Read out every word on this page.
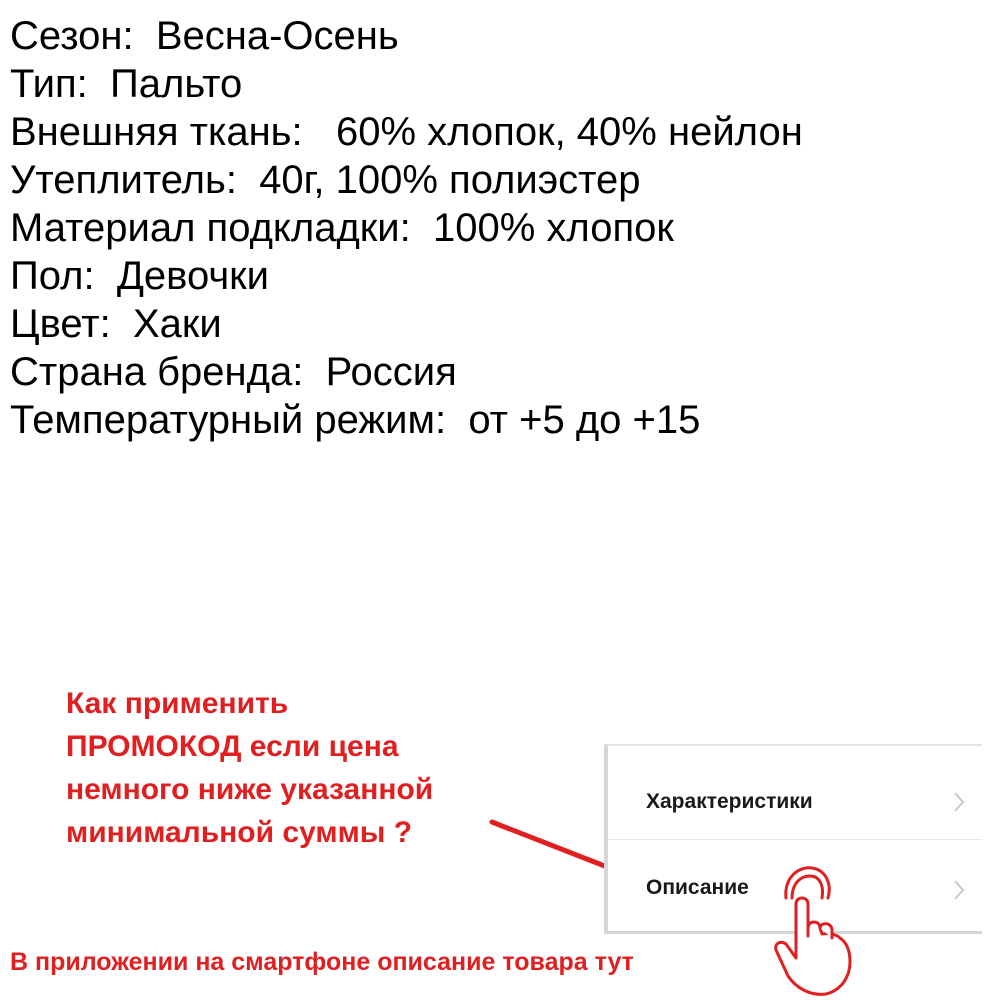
Сезон: Весна-Осень
Тип: Пальто
Внешняя ткань: 60% хлопок, 40% нейлон
Утеплитель: 40г, 100% полиэстер
Материал подкладки: 100% хлопок
Пол: Девочки
Цвет: Хаки
Страна бренда: Россия
Температурный режим: от +5 до +15
Как применить
ПРОМОКОД если цена
немного ниже указанной
минимальной суммы ?
Характеристики
Описание
В приложении на смартфоне описание товара тут
